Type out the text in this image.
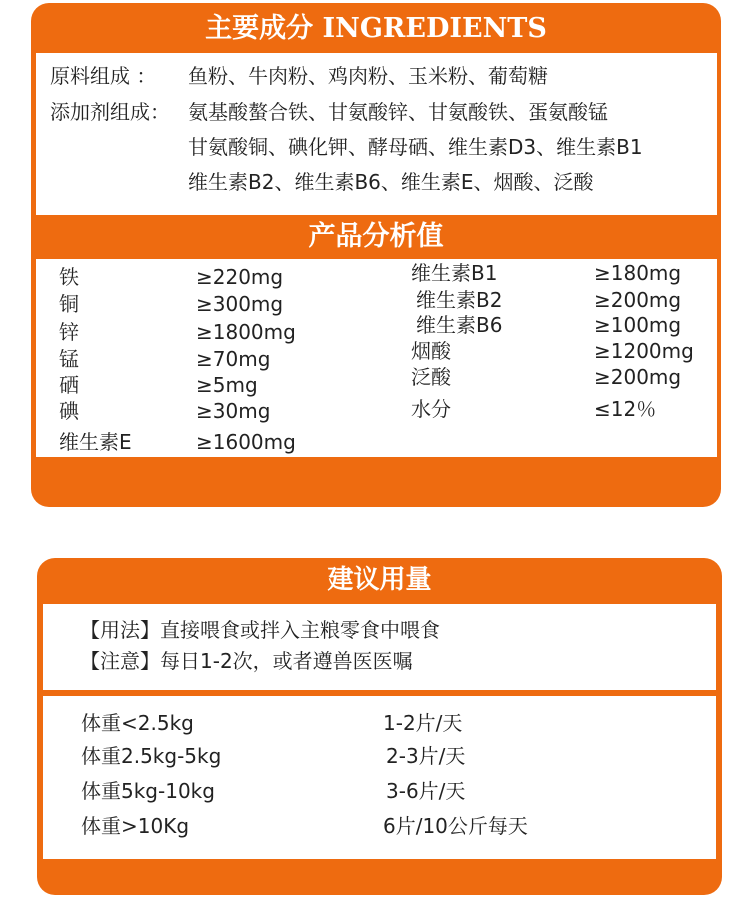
主要成分 INGREDIENTS
原料组成 ： 鱼粉、牛肉粉、鸡肉粉、玉米粉、葡萄糖
添加剂组成： 氨基酸螯合铁、甘氨酸锌、甘氨酸铁、蛋氨酸锰
甘氨酸铜、碘化钾、酵母硒、维生素D3、维生素B1
维生素B2、维生素B6、维生素E、烟酸、泛酸
产品分析值
铁	≥220mg
铜	≥300mg
锌	≥1800mg
锰	≥70mg
硒	≥5mg
碘	≥30mg
维生素E	≥1600mg
维生素B1	≥180mg
维生素B2	≥200mg
维生素B6	≥100mg
烟酸	≥1200mg
泛酸	≥200mg
水分	≤12％
建议用量
【用法】直接喂食或拌入主粮零食中喂食
【注意】每日1-2次，或者遵兽医医嘱
体重<2.5kg	1-2片/天
体重2.5kg-5kg	2-3片/天
体重5kg-10kg	3-6片/天
体重>10Kg	6片/10公斤每天
